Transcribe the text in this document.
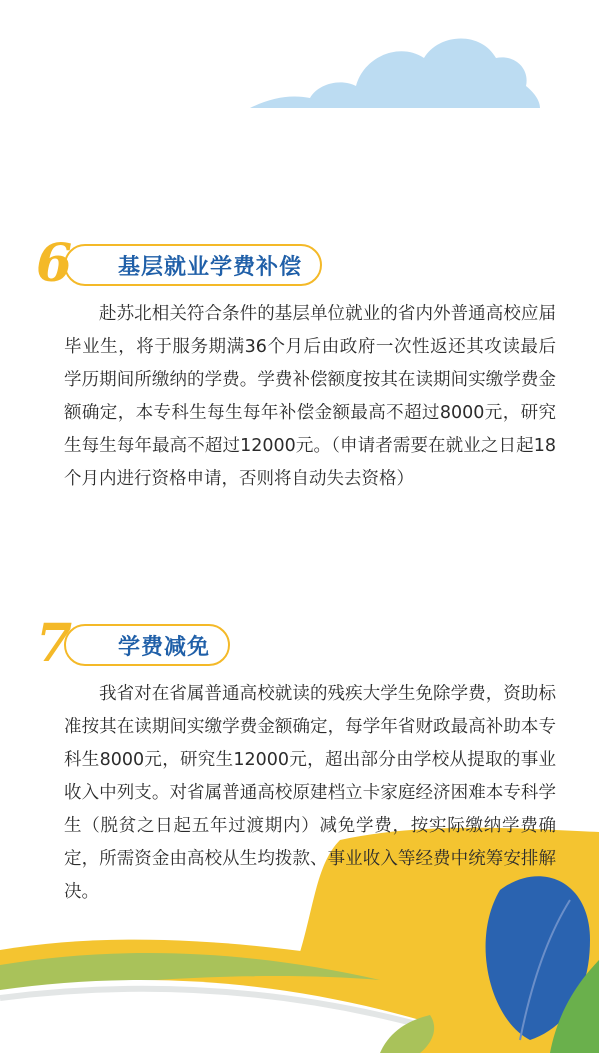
基层就业学费补偿
6

赴苏北相关符合条件的基层单位就业的省内外普通高校应届毕业生，将于服务期满36个月后由政府一次性返还其攻读最后学历期间所缴纳的学费。学费补偿额度按其在读期间实缴学费金额确定，本专科生每生每年补偿金额最高不超过8000元，研究生每生每年最高不超过12000元。（申请者需要在就业之日起18个月内进行资格申请，否则将自动失去资格）

学费减免
7

我省对在省属普通高校就读的残疾大学生免除学费，资助标准按其在读期间实缴学费金额确定，每学年省财政最高补助本专科生8000元，研究生12000元，超出部分由学校从提取的事业收入中列支。对省属普通高校原建档立卡家庭经济困难本专科学生（脱贫之日起五年过渡期内）减免学费，按实际缴纳学费确定，所需资金由高校从生均拨款、事业收入等经费中统筹安排解决。
